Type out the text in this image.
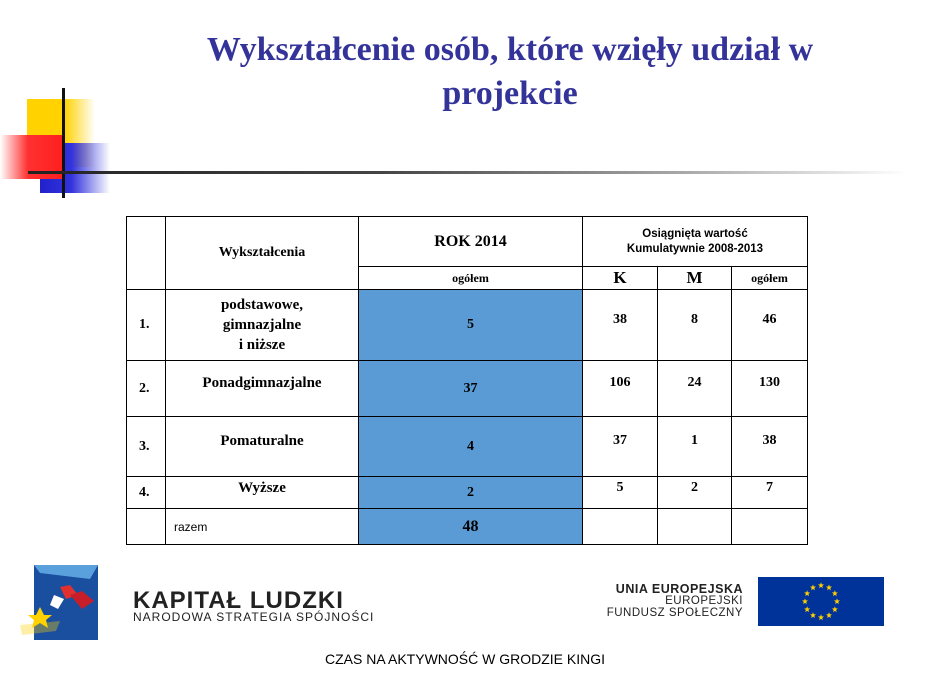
Wykształcenie osób, które wzięły udział w
projekcie
	Wykształcenia	ROK 2014	Osiągnięta wartość
Kumulatywnie 2008-2013		

		ogółem	K	M	ogółem
1.	podstawowe,
gimnazjalne
i niższe	5	38	8	46
2.	Ponadgimnazjalne	37	106	24	130
3.	Pomaturalne	4	37	1	38
4.	Wyższe	2	5	2	7
	razem	48			
KAPITAŁ LUDZKI
NARODOWA STRATEGIA SPÓJNOŚCI
UNIA EUROPEJSKA
EUROPEJSKI
FUNDUSZ SPOŁECZNY
CZAS NA AKTYWNOŚĆ W GRODZIE KINGI
